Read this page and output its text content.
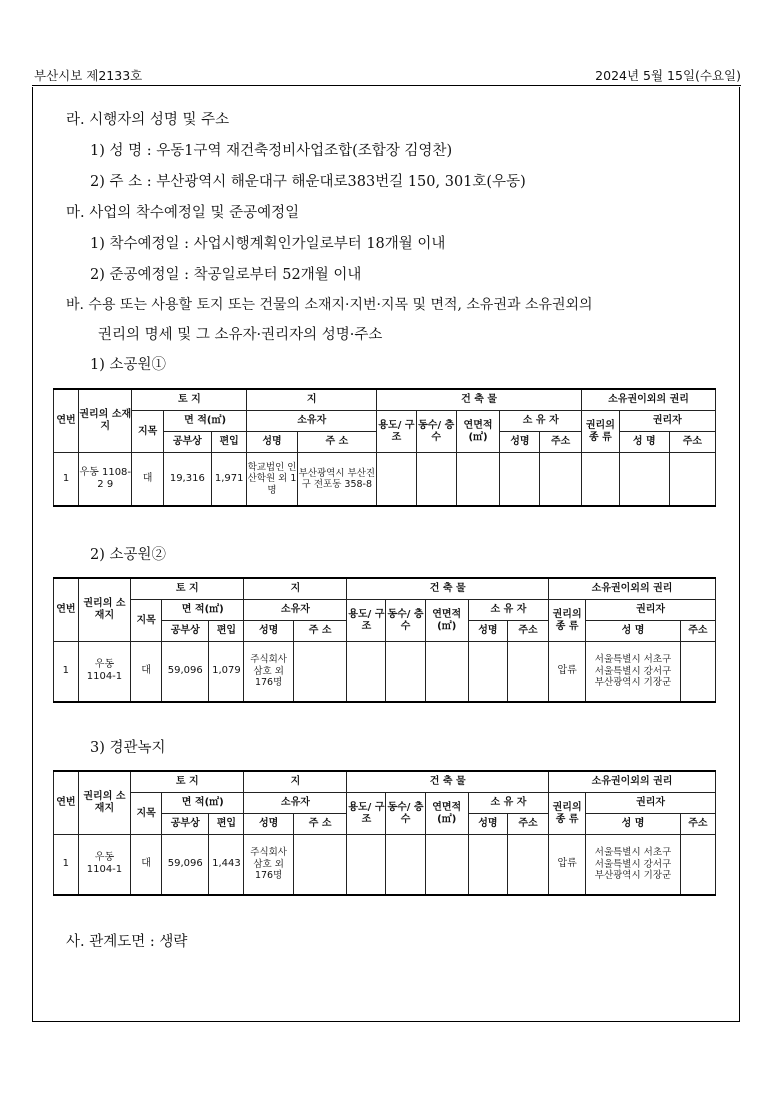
부산시보 제2133호	2024년 5월 15일(수요일)
라. 시행자의 성명 및 주소
1) 성 명 : 우동1구역 재건축정비사업조합(조합장 김영찬)
2) 주 소 : 부산광역시 해운대구 해운대로383번길 150, 301호(우동)
마. 사업의 착수예정일 및 준공예정일
1) 착수예정일 : 사업시행계획인가일로부터 18개월 이내
2) 준공예정일 : 착공일로부터 52개월 이내
바. 수용 또는 사용할 토지 또는 건물의 소재지·지번·지목 및 면적, 소유권과 소유권외의
권리의 명세 및 그 소유자·권리자의 성명·주소
1) 소공원①
2) 소공원②
3) 경관녹지
사. 관계도면 : 생략
연번	권리의 소재지	토 지			지		건 축 물					소유권이외의 권리		
		지목	면 적(㎡)		소유자		용도/ 구조	동수/ 층수	연면적 (㎡)	소 유 자		권리의 종 류	권리자	
			공부상	편입	성명	주 소				성명	주소		성 명	주소
1	우동 1108-2 9	대	19,316	1,971	학교법인 인산학원 외 1명	부산광역시 부산진구 전포동 358-8								
연번	권리의 소재지	토 지			지		건 축 물					소유권이외의 권리		
		지목	면 적(㎡)		소유자		용도/ 구조	동수/ 층수	연면적 (㎡)	소 유 자		권리의 종 류	권리자	
			공부상	편입	성명	주 소				성명	주소		성 명	주소
1	우동 1104-1	대	59,096	1,079	주식회사 삼호 외 176명							압류	서울특별시 서초구
서울특별시 강서구
부산광역시 기장군	

연번	권리의 소재지	토 지			지		건 축 물					소유권이외의 권리		
		지목	면 적(㎡)		소유자		용도/ 구조	동수/ 층수	연면적 (㎡)	소 유 자		권리의 종 류	권리자	
			공부상	편입	성명	주 소				성명	주소		성 명	주소
1	우동 1104-1	대	59,096	1,443	주식회사 삼호 외 176명							압류	서울특별시 서초구
서울특별시 강서구
부산광역시 기장군	
